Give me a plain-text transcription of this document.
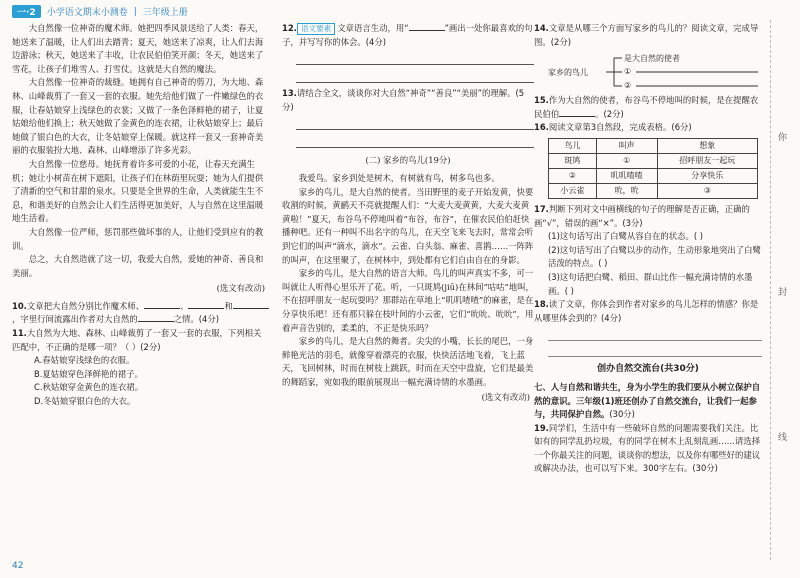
一·2	小学语文期末小测卷 | 三年级上册
你
封
线

大自然像一位神奇的魔术师。她把四季风景送给了人类：春天，她送来了温暖，让人们出去踏青；夏天，她送来了凉爽，让人们去海边游泳；秋天，她送来了丰收，让农民伯伯笑开颜；冬天，她送来了雪花，让孩子们堆雪人、打雪仗。这就是大自然的魔法。

大自然像一位神奇的裁缝。她拥有自己神奇的剪刀，为大地、森林、山峰裁剪了一套又一套的衣服。她先给他们做了一件嫩绿色的衣服，让春姑娘穿上浅绿色的衣裳；又做了一条色泽鲜艳的裙子，让夏姑娘给他们换上；秋天她做了金黄色的连衣裙，让秋姑娘穿上；最后她做了银白色的大衣，让冬姑娘穿上保暖。就这样一套又一套神奇美丽的衣服装扮大地、森林、山峰增添了许多光彩。

大自然像一位慈母。她抚育着许多可爱的小花，让春天充满生机；她让小树苗在树下遮阳，让孩子们在林荫里玩耍；她为人们提供了清新的空气和甘甜的泉水。只要是全世界的生命，人类就能生生不息，和谐美好的自然会让人们生活得更加美好，人与自然在这里温暖地生活着。

大自然像一位严师，惩罚那些做坏事的人，让他们受到应有的教训。

总之，大自然造就了这一切，我爱大自然，爱她的神奇、善良和美丽。

(选文有改动)
10.文章把大自然分别比作魔术师、	、	和，字里行间流露出作者对大自然的	之情。(4分)
11.大自然为大地、森林、山峰裁剪了一套又一套的衣服，下列相关匹配中，不正确的是哪一项？（ ）(2分)
A.春姑娘穿浅绿色的衣服。
B.夏姑娘穿色泽鲜艳的裙子。
C.秋姑娘穿金黄色的连衣裙。
D.冬姑娘穿银白色的大衣。
12. 语文要素 文章语言生动，用“	”画出一处你最喜欢的句子，并写写你的体会。(4分)
13.请结合全文，谈谈你对大自然“神奇”“善良”“美丽”的理解。(5分)
(二) 家乡的鸟儿(19分)

我爱鸟。家乡到处是树木，有树就有鸟，树多鸟也多。

家乡的鸟儿，是大自然的使者。当田野里的麦子开始发黄，快要收割的时候，黄鹂天不亮就提醒人们：“大麦大麦黄黄，大麦大麦黄黄啦！”夏天，布谷鸟不停地叫着“布谷，布谷”，在催农民伯伯赶快播种吧。还有一种叫不出名字的鸟儿，在天空飞来飞去时，常常会听到它们的叫声“滴水，滴水”。云雀、白头翁、麻雀、喜鹊……一阵阵的叫声，在这里聚了，在树林中，到处都有它们自由自在的身影。

家乡的鸟儿，是大自然的语言大师。鸟儿的叫声真实不多，可一叫就让人听得心里乐开了花。听，一只斑鸠(jiū)在林间“咕咕”地叫，不在招呼朋友一起玩耍吗？那群站在草地上“叽叽喳喳”的麻雀，是在分享快乐吧！还有那只躲在枝叶间的小云雀，它们“吮吮、吮吮”，用着声音告别的，柔柔的，不正是快乐吗？

家乡的鸟儿，是大自然的舞者。尖尖的小嘴，长长的尾巴，一身鲜艳光洁的羽毛，就像穿着漂亮的衣服，快快活活地飞着，飞上蓝天，飞回树林，时而在树枝上跳跃，时而在天空中盘旋，它们是最美的舞蹈家，宛如我的眼前展现出一幅充满诗情的水墨画。

(选文有改动)
14.文章是从哪三个方面写家乡的鸟儿的？阅读文章，完成导图。(2分)
家乡的鸟儿
是大自然的使者
①
②
15.作为大自然的使者，布谷鸟不停地叫的时候，是在提醒农民伯伯	。(2分)
16.阅读文章第3自然段，完成表格。(6分)
鸟儿	叫声	想象
斑鸠	①	招呼朋友一起玩
②	叽叽喳喳	分享快乐
小云雀	吮，吮	③
17.判断下列对文中画横线的句子的理解是否正确，正确的画“√”，错误的画“×”。(3分)
(1)这句话写出了白鹭从容自在的状态。( )
(2)这句话写出了白鹭以步的动作，生动形象地突出了白鹭活泼的特点。( )
(3)这句话把白鹭、稻田、群山比作一幅充满诗情的水墨画。( )
18.读了文章，你体会到作者对家乡的鸟儿怎样的情感？你是从哪里体会到的？(4分)
创办自然交流台(共30分)
七、人与自然和谐共生，身为小学生的我们要从小树立保护自然的意识。三年级(1)班还创办了自然交流台，让我们一起参与，共同保护自然。(30分)
19.同学们，生活中有一些破坏自然的问题需要我们关注。比如有的同学乱扔垃圾，有的同学在树木上乱刻乱画……请选择一个你最关注的问题，谈谈你的想法，以及你有哪些好的建议或解决办法，也可以写下来。300字左右。(30分)
42
